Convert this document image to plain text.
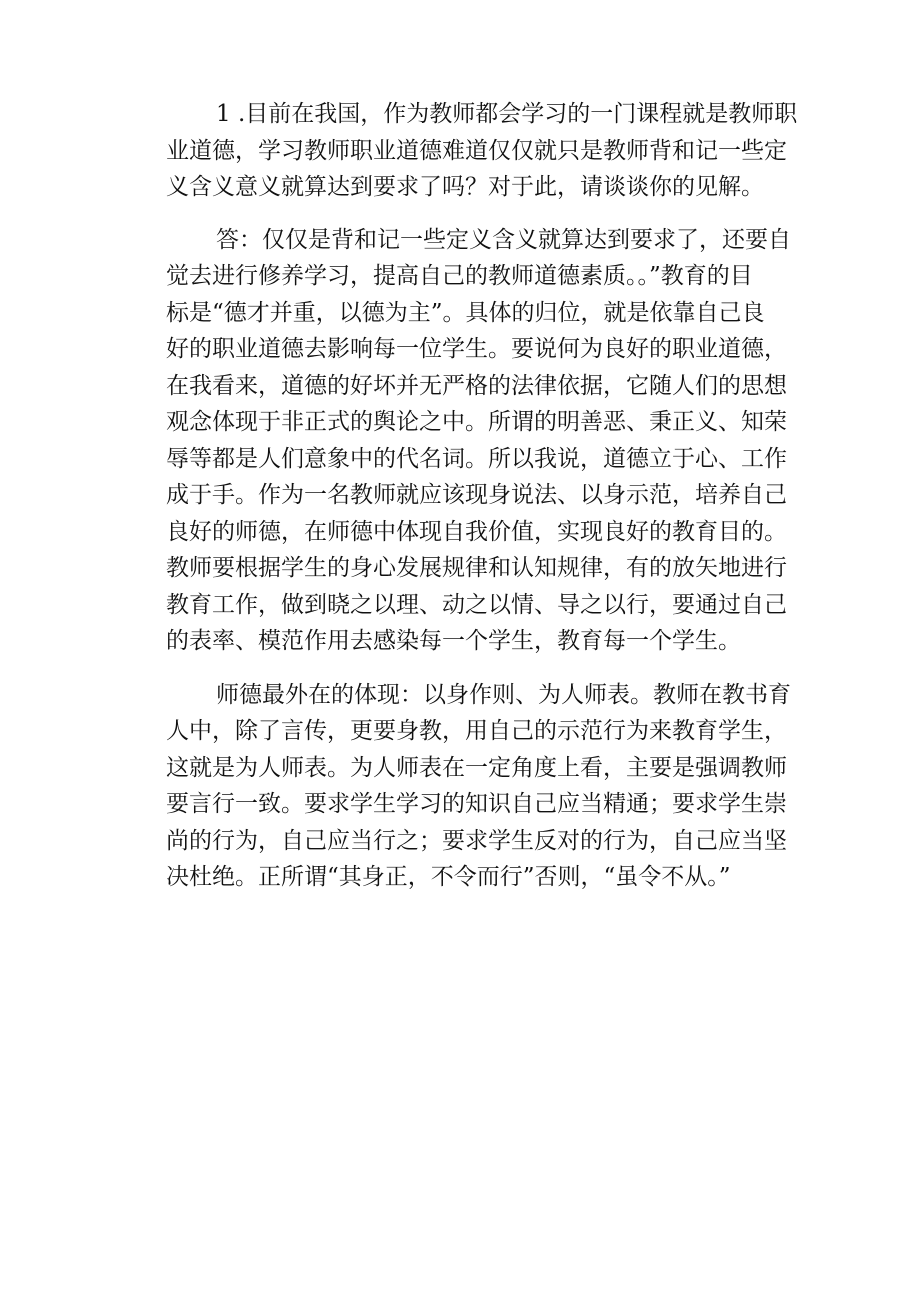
1 .目前在我国，作为教师都会学习的一门课程就是教师职
业道德，学习教师职业道德难道仅仅就只是教师背和记一些定
义含义意义就算达到要求了吗？对于此，请谈谈你的见解。
答：仅仅是背和记一些定义含义就算达到要求了，还要自
觉去进行修养学习，提高自己的教师道德素质。。”教育的目
标是“德才并重，以德为主”。具体的归位，就是依靠自己良
好的职业道德去影响每一位学生。要说何为良好的职业道德，
在我看来，道德的好坏并无严格的法律依据，它随人们的思想
观念体现于非正式的舆论之中。所谓的明善恶、秉正义、知荣
辱等都是人们意象中的代名词。所以我说，道德立于心、工作
成于手。作为一名教师就应该现身说法、以身示范，培养自己
良好的师德，在师德中体现自我价值，实现良好的教育目的。
教师要根据学生的身心发展规律和认知规律，有的放矢地进行
教育工作，做到晓之以理、动之以情、导之以行，要通过自己
的表率、模范作用去感染每一个学生，教育每一个学生。
师德最外在的体现：以身作则、为人师表。教师在教书育
人中，除了言传，更要身教，用自己的示范行为来教育学生，
这就是为人师表。为人师表在一定角度上看，主要是强调教师
要言行一致。要求学生学习的知识自己应当精通；要求学生崇
尚的行为，自己应当行之；要求学生反对的行为，自己应当坚
决杜绝。正所谓“其身正，不令而行”否则，“虽令不从。”
